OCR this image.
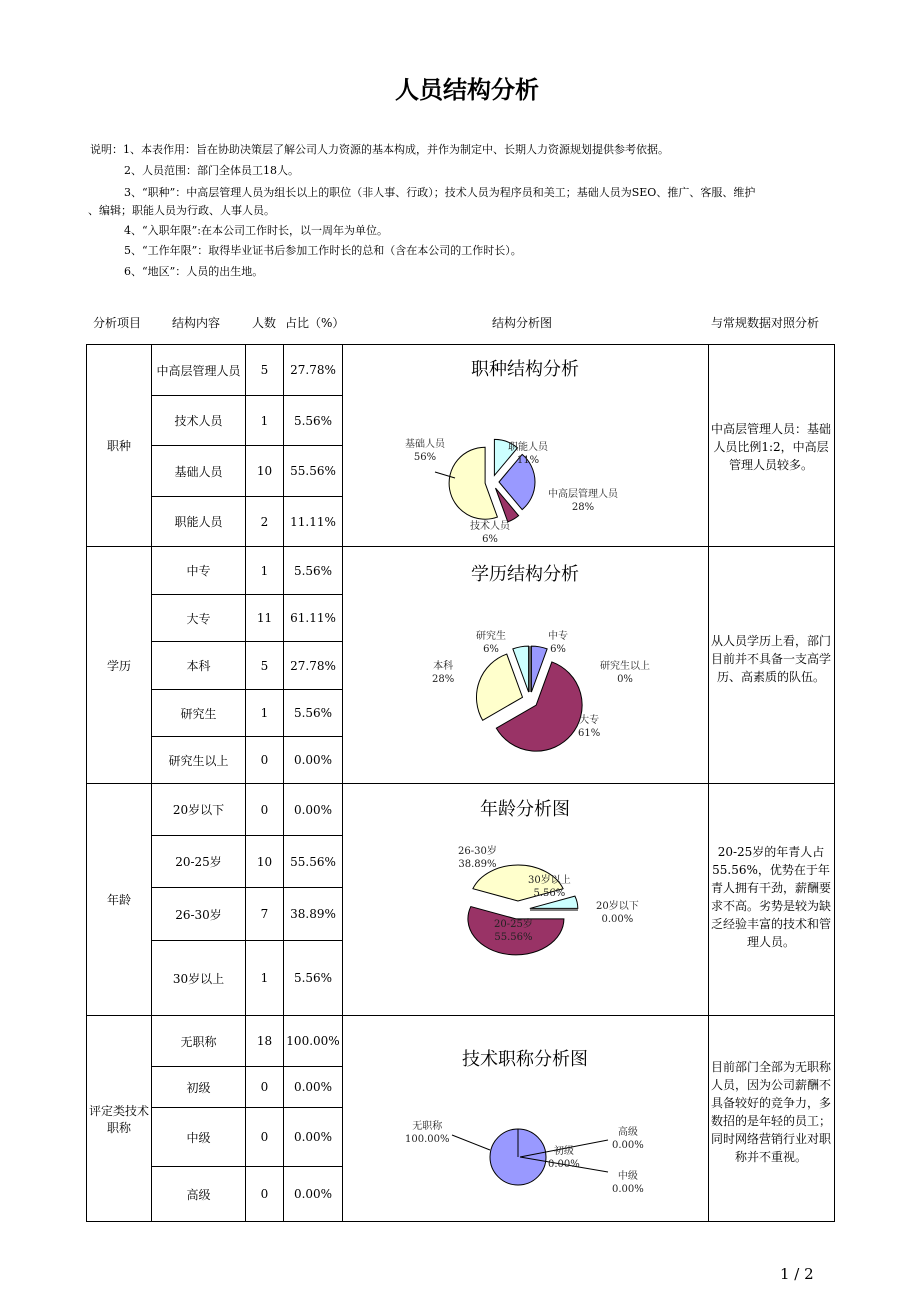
人员结构分析
分析项目	结构内容	人数 占比（%）	结构分析图	与常规数据对照分析
1 / 2
说明：1、本表作用：旨在协助决策层了解公司人力资源的基本构成，并作为制定中、长期人力资源规划提供参考依据。
2、人员范围：部门全体员工18人。
3、“职种”：中高层管理人员为组长以上的职位（非人事、行政）；技术人员为程序员和美工；基础人员为SEO、推广、客服、维护
、编辑；职能人员为行政、人事人员。
4、“入职年限”:在本公司工作时长，以一周年为单位。
5、“工作年限”：取得毕业证书后参加工作时长的总和（含在本公司的工作时长）。
6、“地区”：人员的出生地。
职种
中高层管理人员	5	27.78%
技术人员	1	5.56%
基础人员	10	55.56%
职能人员	2	11.11%
学历
中专	1	5.56%
大专	11	61.11%
本科	5	27.78%
研究生	1	5.56%
研究生以上	0	0.00%
年龄
20岁以下	0	0.00%
20-25岁	10	55.56%
26-30岁	7	38.89%
30岁以上	1	5.56%
评定类技术职称
无职称	18	100.00%
初级	0	0.00%
中级	0	0.00%
高级	0	0.00%
中高层管理人员：基础人员比例1:2，中高层管理人员较多。
从人员学历上看，部门目前并不具备一支高学历、高素质的队伍。
20-25岁的年青人占55.56%，优势在于年青人拥有干劲，薪酬要求不高。劣势是较为缺乏经验丰富的技术和管理人员。
目前部门全部为无职称人员，因为公司薪酬不具备较好的竞争力，多数招的是年轻的员工；同时网络营销行业对职称并不重视。
职种结构分析
学历结构分析
年龄分析图
技术职称分析图
中高层管理人员
28%
技术人员
6%
基础人员
56%
职能人员
11%
中专
6%
大专
61%
本科
28%
研究生
6%
研究生以上
0%
20岁以下
0.00%
20-25岁
55.56%
26-30岁
38.89%
30岁以上
5.56%
无职称
100.00%
初级
0.00%
中级
0.00%
高级
0.00%
